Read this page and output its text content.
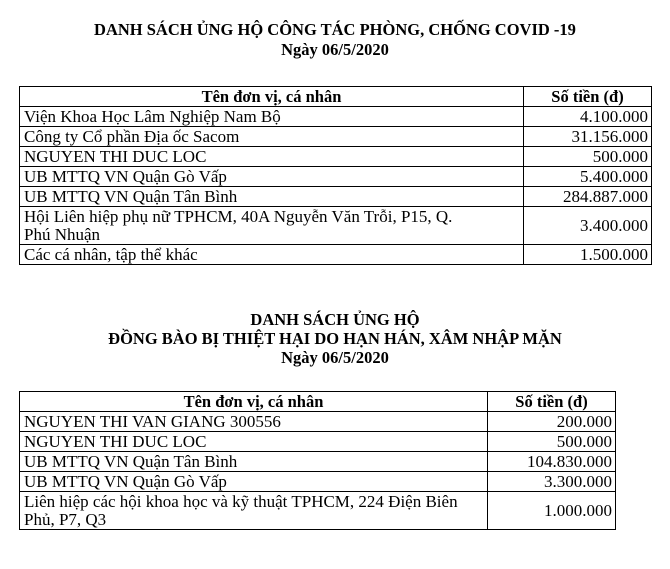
DANH SÁCH ỦNG HỘ CÔNG TÁC PHÒNG, CHỐNG COVID -19
Ngày 06/5/2020
Tên đơn vị, cá nhân	Số tiền (đ)
Viện Khoa Học Lâm Nghiệp Nam Bộ	4.100.000
Công ty Cổ phần Địa ốc Sacom	31.156.000
NGUYEN THI DUC LOC	500.000
UB MTTQ VN Quận Gò Vấp	5.400.000
UB MTTQ VN Quận Tân Bình	284.887.000
Hội Liên hiệp phụ nữ TPHCM, 40A Nguyễn Văn Trỗi, P15, Q. Phú Nhuận	3.400.000
Các cá nhân, tập thể khác	1.500.000
DANH SÁCH ỦNG HỘ
ĐỒNG BÀO BỊ THIỆT HẠI DO HẠN HÁN, XÂM NHẬP MẶN
Ngày 06/5/2020
Tên đơn vị, cá nhân	Số tiền (đ)
NGUYEN THI VAN GIANG 300556	200.000
NGUYEN THI DUC LOC	500.000
UB MTTQ VN Quận Tân Bình	104.830.000
UB MTTQ VN Quận Gò Vấp	3.300.000
Liên hiệp các hội khoa học và kỹ thuật TPHCM, 224 Điện Biên Phủ, P7, Q3	1.000.000
